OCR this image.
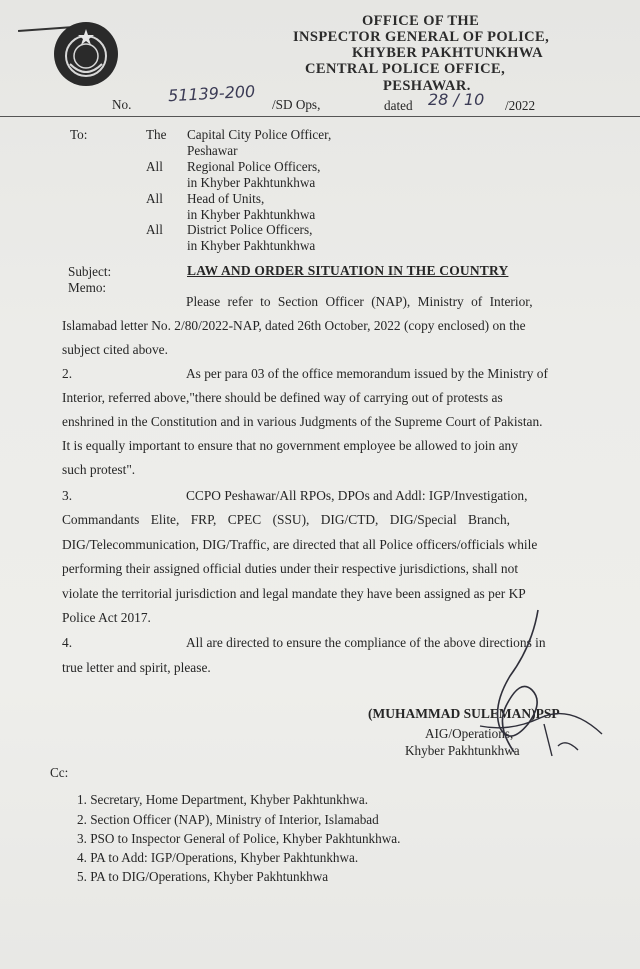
OFFICE OF THE
INSPECTOR GENERAL OF POLICE,
KHYBER PAKHTUNKHWA
CENTRAL POLICE OFFICE,
PESHAWAR.
No. 51139-200 /SD Ops,	dated 28 / 10 /2022
To:	The Capital City Police Officer,
Peshawar
All Regional Police Officers,
in Khyber Pakhtunkhwa
All Head of Units,
in Khyber Pakhtunkhwa
All District Police Officers,
in Khyber Pakhtunkhwa
Subject:	LAW AND ORDER SITUATION IN THE COUNTRY
Memo:
Please refer to Section Officer (NAP), Ministry of Interior,
Islamabad letter No. 2/80/2022-NAP, dated 26th October, 2022 (copy enclosed) on the
subject cited above.
2.	As per para 03 of the office memorandum issued by the Ministry of
Interior, referred above,"there should be defined way of carrying out of protests as
enshrined in the Constitution and in various Judgments of the Supreme Court of Pakistan.
It is equally important to ensure that no government employee be allowed to join any
such protest".
3.	CCPO Peshawar/All RPOs, DPOs and Addl: IGP/Investigation,
Commandants Elite, FRP, CPEC (SSU), DIG/CTD, DIG/Special Branch,
DIG/Telecommunication, DIG/Traffic, are directed that all Police officers/officials while
performing their assigned official duties under their respective jurisdictions, shall not
violate the territorial jurisdiction and legal mandate they have been assigned as per KP
Police Act 2017.
4.	All are directed to ensure the compliance of the above directions in
true letter and spirit, please.
(MUHAMMAD SULEMAN)PSP
AIG/Operations,
Khyber Pakhtunkhwa
Cc:
1. Secretary, Home Department, Khyber Pakhtunkhwa.
2. Section Officer (NAP), Ministry of Interior, Islamabad
3. PSO to Inspector General of Police, Khyber Pakhtunkhwa.
4. PA to Add: IGP/Operations, Khyber Pakhtunkhwa.
5. PA to DIG/Operations, Khyber Pakhtunkhwa
